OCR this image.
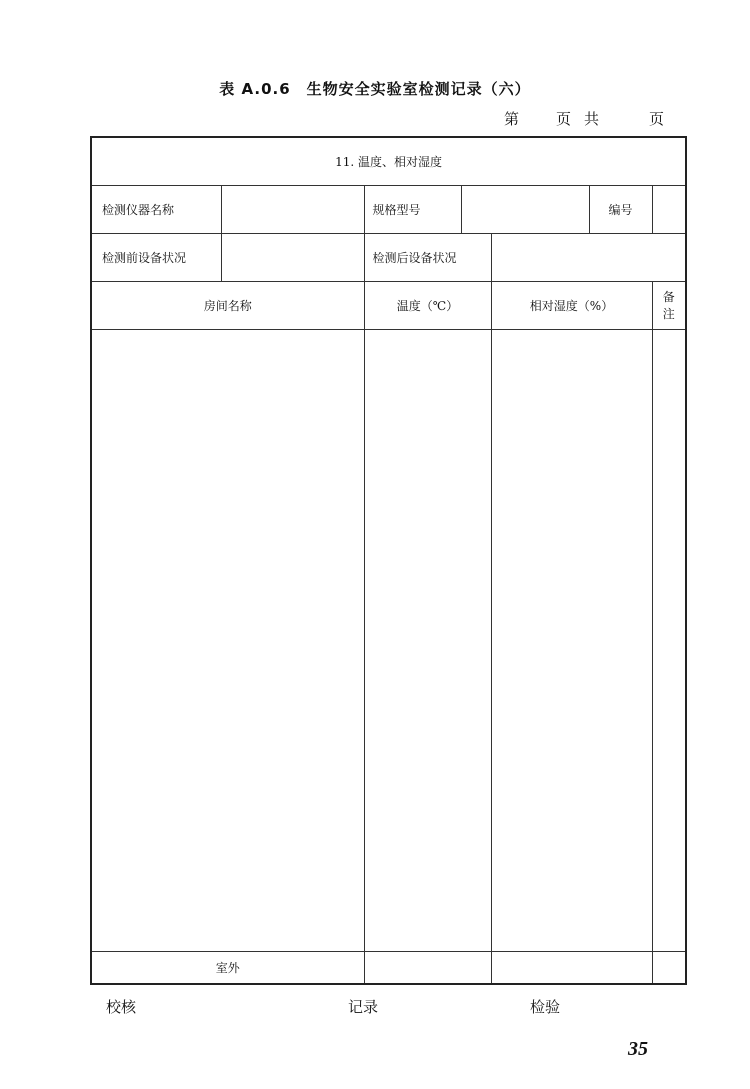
表 A.0.6　生物安全实验室检测记录（六）
第 页 共	页
11. 温度、相对湿度						
检测仪器名称		规格型号			编号	
检测前设备状况		检测后设备状况				
房间名称		温度（℃）		相对湿度（%）		备注

室外						
校核	记录	检验
35
